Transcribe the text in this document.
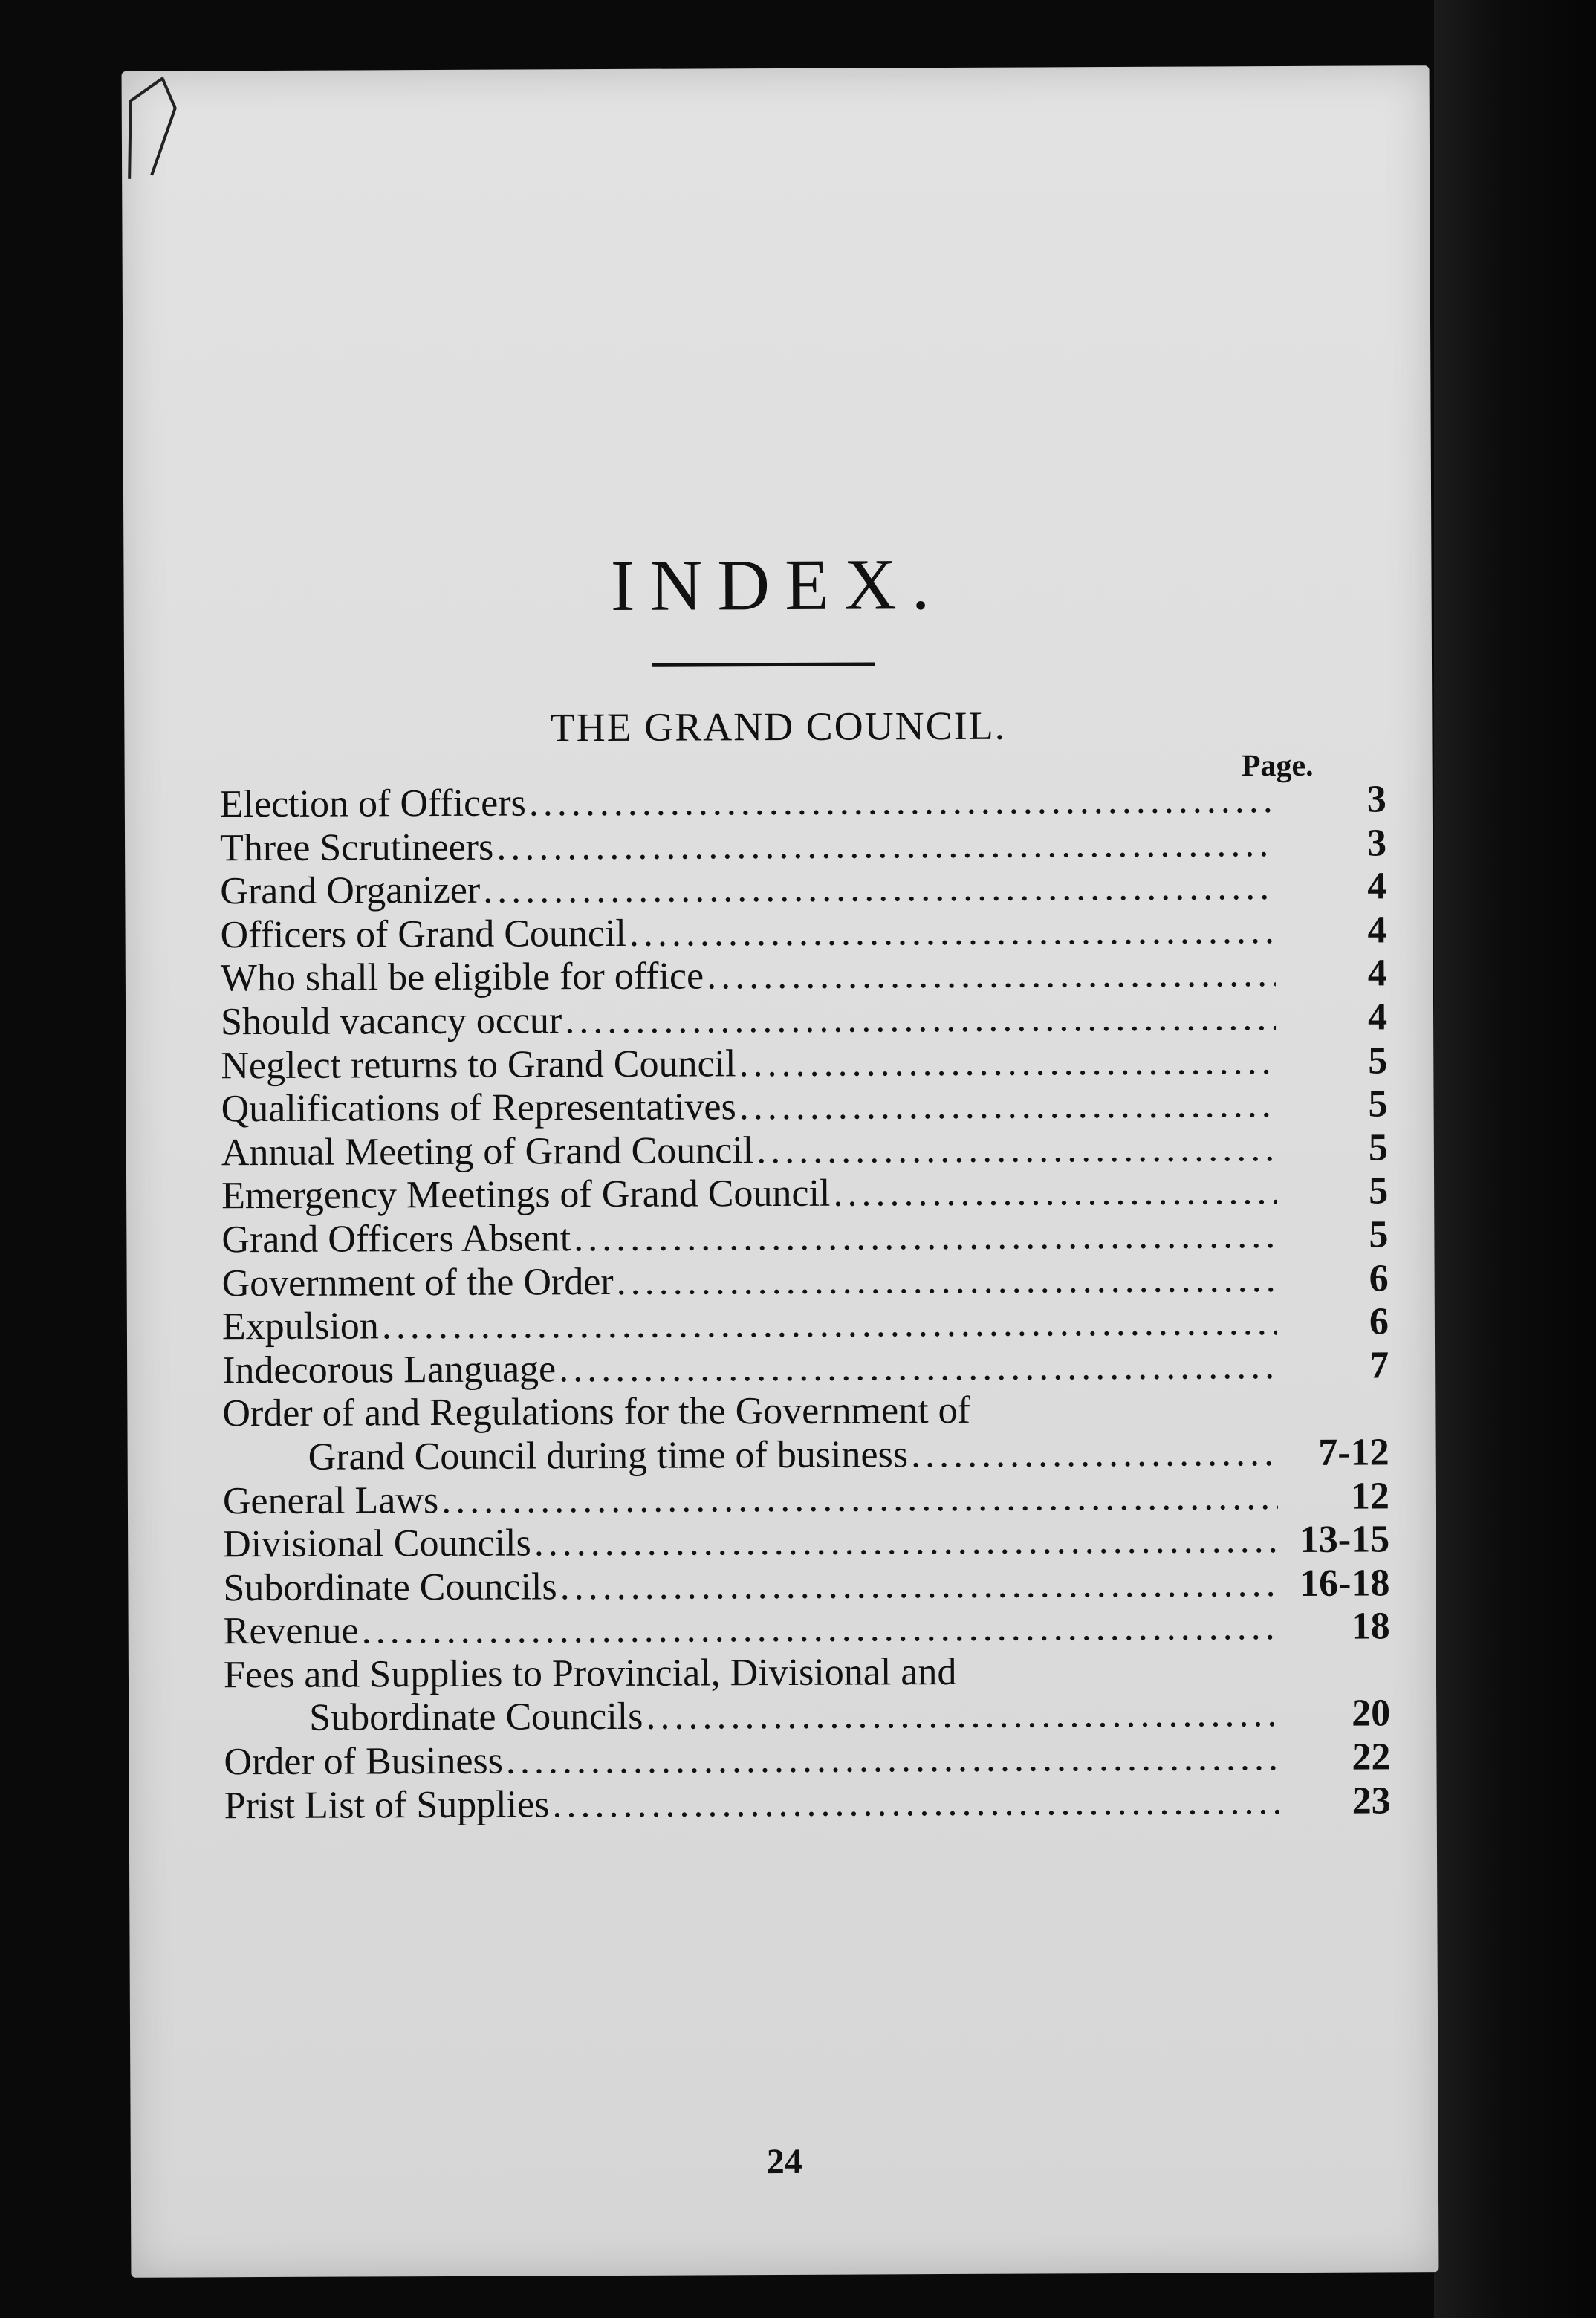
INDEX.
THE GRAND COUNCIL.
Page.
Election of Officers .....	3
Three Scrutineers .....	3
Grand Organizer .....	4
Officers of Grand Council .....	4
Who shall be eligible for office .....	4
Should vacancy occur .....	4
Neglect returns to Grand Council .....	5
Qualifications of Representatives .....	5
Annual Meeting of Grand Council .....	5
Emergency Meetings of Grand Council .....	5
Grand Officers Absent .....	5
Government of the Order .....	6
Expulsion .....	6
Indecorous Language .....	7
Order of and Regulations for the Government of
Grand Council during time of business .....	7-12
General Laws .....	12
Divisional Councils .....	13-15
Subordinate Councils .....	16-18
Revenue .....	18
Fees and Supplies to Provincial, Divisional and
Subordinate Councils .....	20
Order of Business .....	22
Prist List of Supplies .....	23
24
